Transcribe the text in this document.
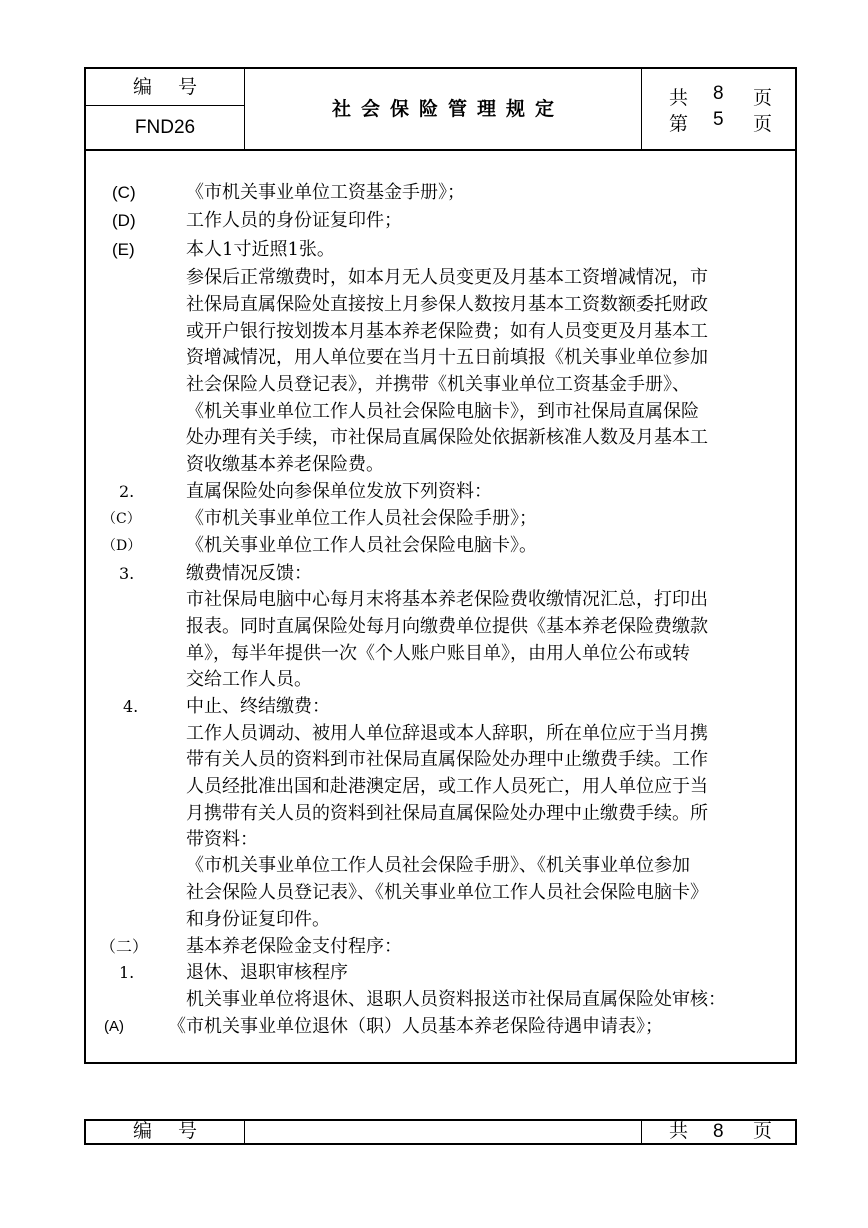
编号
FND26
社会保险管理规定	共 8 页
第 5 页
(C)	《市机关事业单位工资基金手册》；
(D)	工作人员的身份证复印件；
(E)	本人1寸近照1张。
参保后正常缴费时，如本月无人员变更及月基本工资增减情况，市
社保局直属保险处直接按上月参保人数按月基本工资数额委托财政
或开户银行按划拨本月基本养老保险费；如有人员变更及月基本工
资增减情况，用人单位要在当月十五日前填报《机关事业单位参加
社会保险人员登记表》，并携带《机关事业单位工资基金手册》、
《机关事业单位工作人员社会保险电脑卡》，到市社保局直属保险
处办理有关手续，市社保局直属保险处依据新核准人数及月基本工
资收缴基本养老保险费。
2.	直属保险处向参保单位发放下列资料：
（C）	《市机关事业单位工作人员社会保险手册》；
（D） 《机关事业单位工作人员社会保险电脑卡》。
3.	缴费情况反馈：
市社保局电脑中心每月末将基本养老保险费收缴情况汇总，打印出
报表。同时直属保险处每月向缴费单位提供《基本养老保险费缴款
单》，每半年提供一次《个人账户账目单》，由用人单位公布或转
交给工作人员。
4.	中止、终结缴费：
工作人员调动、被用人单位辞退或本人辞职，所在单位应于当月携
带有关人员的资料到市社保局直属保险处办理中止缴费手续。工作
人员经批准出国和赴港澳定居，或工作人员死亡，用人单位应于当
月携带有关人员的资料到社保局直属保险处办理中止缴费手续。所
带资料：
《市机关事业单位工作人员社会保险手册》、《机关事业单位参加
社会保险人员登记表》、《机关事业单位工作人员社会保险电脑卡》
和身份证复印件。
（二） 基本养老保险金支付程序：
1.	退休、退职审核程序
机关事业单位将退休、退职人员资料报送市社保局直属保险处审核：
(A) 《市机关事业单位退休（职）人员基本养老保险待遇申请表》；
编号	共 8 页
